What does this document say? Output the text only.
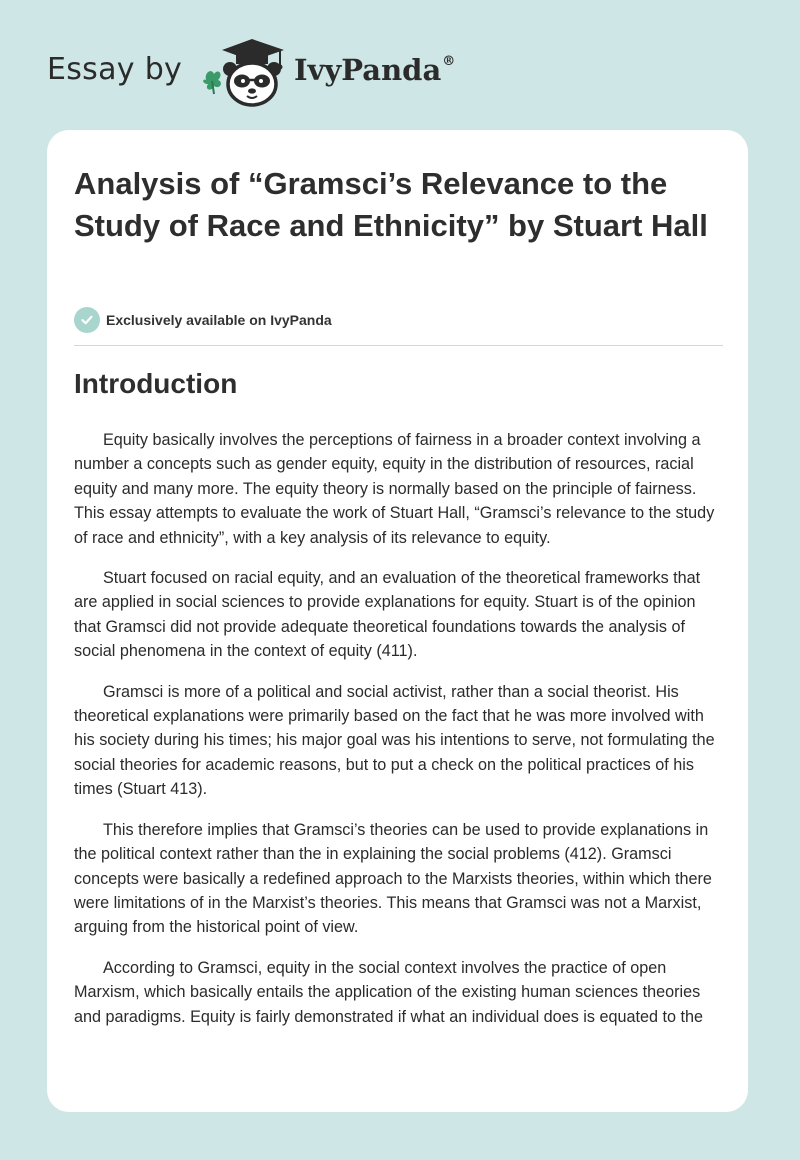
Essay by	IvyPanda®
Analysis of “Gramsci’s Relevance to the Study of Race and Ethnicity” by Stuart Hall
Exclusively available on IvyPanda
Introduction

Equity basically involves the perceptions of fairness in a broader context involving a number a concepts such as gender equity, equity in the distribution of resources, racial equity and many more. The equity theory is normally based on the principle of fairness. This essay attempts to evaluate the work of Stuart Hall, “Gramsci’s relevance to the study of race and ethnicity”, with a key analysis of its relevance to equity.

Stuart focused on racial equity, and an evaluation of the theoretical frameworks that are applied in social sciences to provide explanations for equity. Stuart is of the opinion that Gramsci did not provide adequate theoretical foundations towards the analysis of social phenomena in the context of equity (411).

Gramsci is more of a political and social activist, rather than a social theorist. His theoretical explanations were primarily based on the fact that he was more involved with his society during his times; his major goal was his intentions to serve, not formulating the social theories for academic reasons, but to put a check on the political practices of his times (Stuart 413).

This therefore implies that Gramsci’s theories can be used to provide explanations in the political context rather than the in explaining the social problems (412). Gramsci concepts were basically a redefined approach to the Marxists theories, within which there were limitations of in the Marxist’s theories. This means that Gramsci was not a Marxist, arguing from the historical point of view.

According to Gramsci, equity in the social context involves the practice of open Marxism, which basically entails the application of the existing human sciences theories and paradigms. Equity is fairly demonstrated if what an individual does is equated to the
